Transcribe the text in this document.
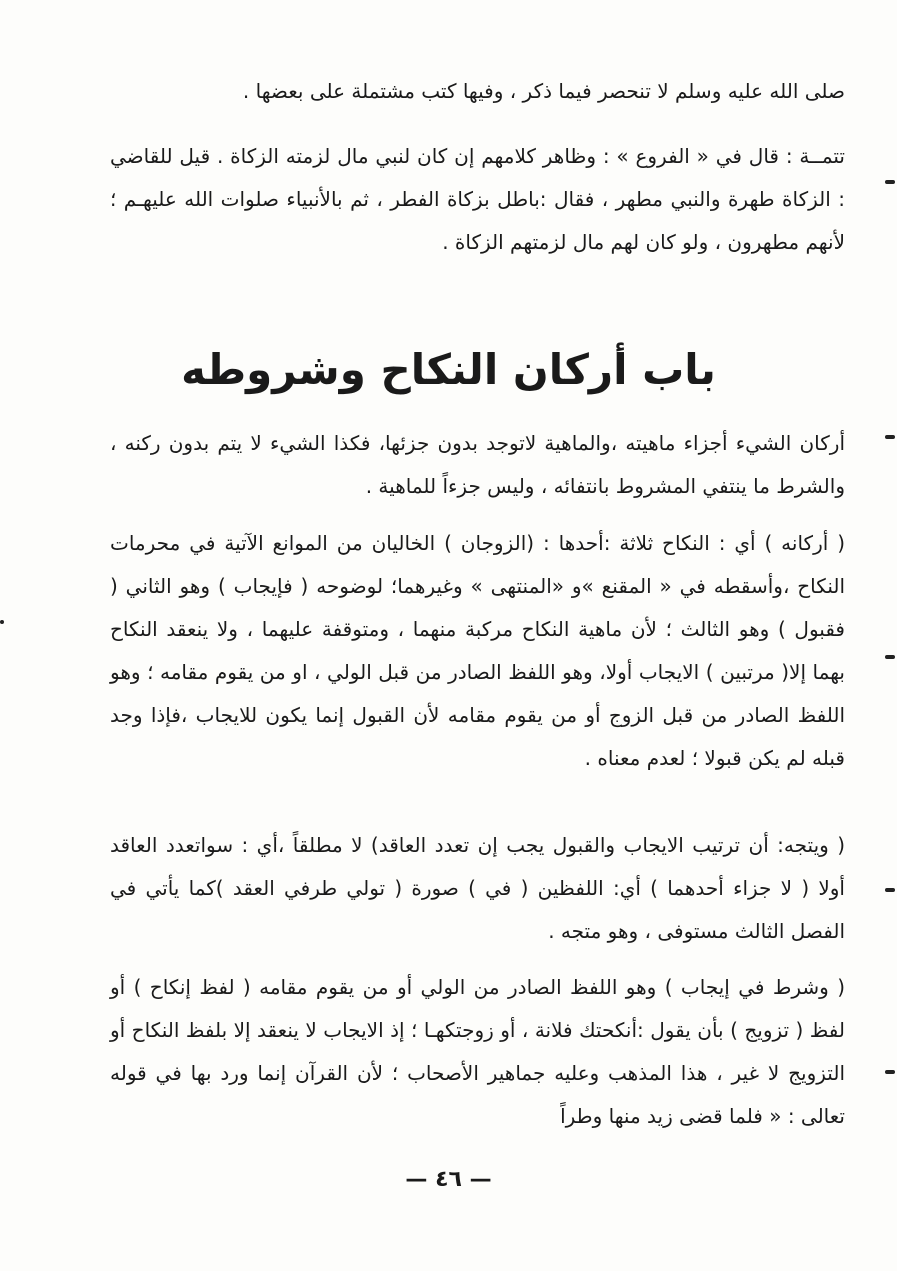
صلى الله عليه وسلم لا تنحصر فيما ذكر ، وفيها كتب مشتملة على بعضها .

تتمــة : قال في « الفروع » : وظاهر كلامهم إن كان لنبي مال لزمته الزكاة . قيل للقاضي : الزكاة طهرة والنبي مطهر ، فقال :باطل بزكاة الفطر ، ثم بالأنبياء صلوات الله عليهـم ؛لأنهم مطهرون ، ولو كان لهم مال لزمتهم الزكاة .

باب أركان النكاح وشروطه

أركان الشيء أجزاء ماهيته ،والماهية لاتوجد بدون جزئها، فكذا الشيء لا يتم بدون ركنه ، والشرط ما ينتفي المشروط بانتفائه ، وليس جزءاً للماهية .

( أركانه ) أي : النكاح ثلاثة :أحدها : (الزوجان ) الخاليان من الموانع الآتية في محرمات النكاح ،وأسقطه في « المقنع »و «المنتهى » وغيرهما؛ لوضوحه ( فإيجاب ) وهو الثاني ( فقبول ) وهو الثالث ؛ لأن ماهية النكاح مركبة منهما ، ومتوقفة عليهما ، ولا ينعقد النكاح بهما إلا( مرتبين ) الايجاب أولا، وهو اللفظ الصادر من قبل الولي ، او من يقوم مقامه ؛ وهو اللفظ الصادر من قبل الزوج أو من يقوم مقامه لأن القبول إنما يكون للايجاب ،فإذا وجد قبله لم يكن قبولا ؛ لعدم معناه .

( ويتجه: أن ترتيب الايجاب والقبول يجب إن تعدد العاقد) لا مطلقاً ،أي : سواتعدد العاقد أولا ( لا جزاء أحدهما ) أي: اللفظين ( في ) صورة ( تولي طرفي العقد )كما يأتي في الفصل الثالث مستوفى ، وهو متجه .

( وشرط في إيجاب ) وهو اللفظ الصادر من الولي أو من يقوم مقامه ( لفظ إنكاح ) أو لفظ ( تزويج ) بأن يقول :أنكحتك فلانة ، أو زوجتكهـا ؛ إذ الايجاب لا ينعقد إلا بلفظ النكاح أو التزويج لا غير ، هذا المذهب وعليه جماهير الأصحاب ؛ لأن القرآن إنما ورد بها في قوله تعالى : « فلما قضى زيد منها وطراً

— ٤٦ —
